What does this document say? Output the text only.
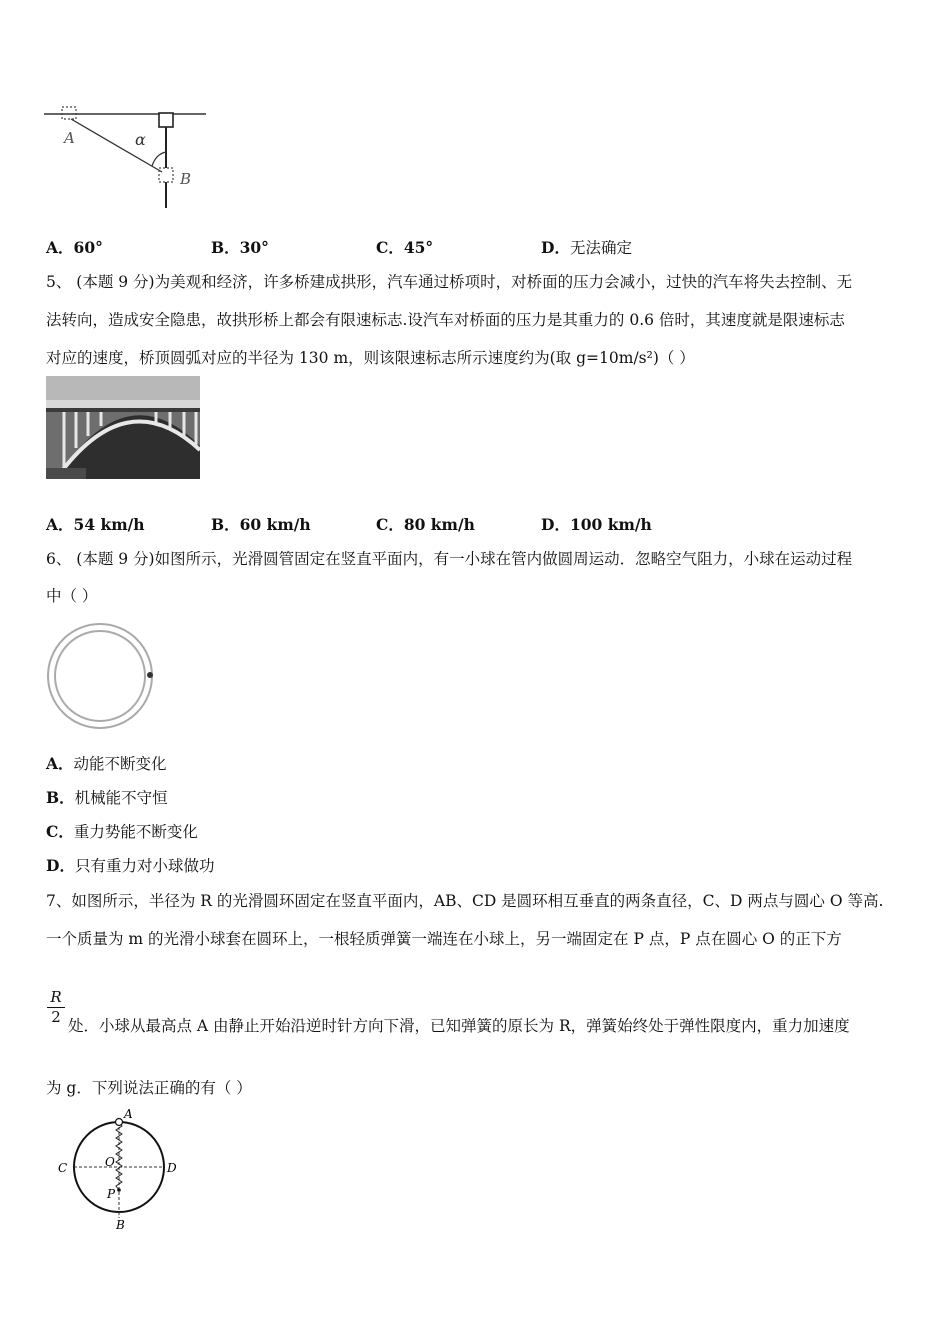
A	α
B
A．60°	B．30°	C．45°	D．无法确定
5、 (本题 9 分)为美观和经济，许多桥建成拱形，汽车通过桥项时，对桥面的压力会减小，过快的汽车将失去控制、无
法转向，造成安全隐患，故拱形桥上都会有限速标志.设汽车对桥面的压力是其重力的 0.6 倍时，其速度就是限速标志
对应的速度，桥顶圆弧对应的半径为 130 m，则该限速标志所示速度约为(取 g=10m/s²)（ ）
A．54 km/h	B．60 km/h	C．80 km/h	D．100 km/h
6、 (本题 9 分)如图所示，光滑圆管固定在竖直平面内，有一小球在管内做圆周运动．忽略空气阻力，小球在运动过程
中（ ）
A．动能不断变化
B．机械能不守恒
C．重力势能不断变化
D．只有重力对小球做功
7、如图所示，半径为 R 的光滑圆环固定在竖直平面内，AB、CD 是圆环相互垂直的两条直径，C、D 两点与圆心 O 等高.
一个质量为 m 的光滑小球套在圆环上，一根轻质弹簧一端连在小球上，另一端固定在 P 点，P 点在圆心 O 的正下方
R
2 处．小球从最高点 A 由静止开始沿逆时针方向下滑，已知弹簧的原长为 R，弹簧始终处于弹性限度内，重力加速度
为 g．下列说法正确的有（ ）
A
C	D
O
P
B
